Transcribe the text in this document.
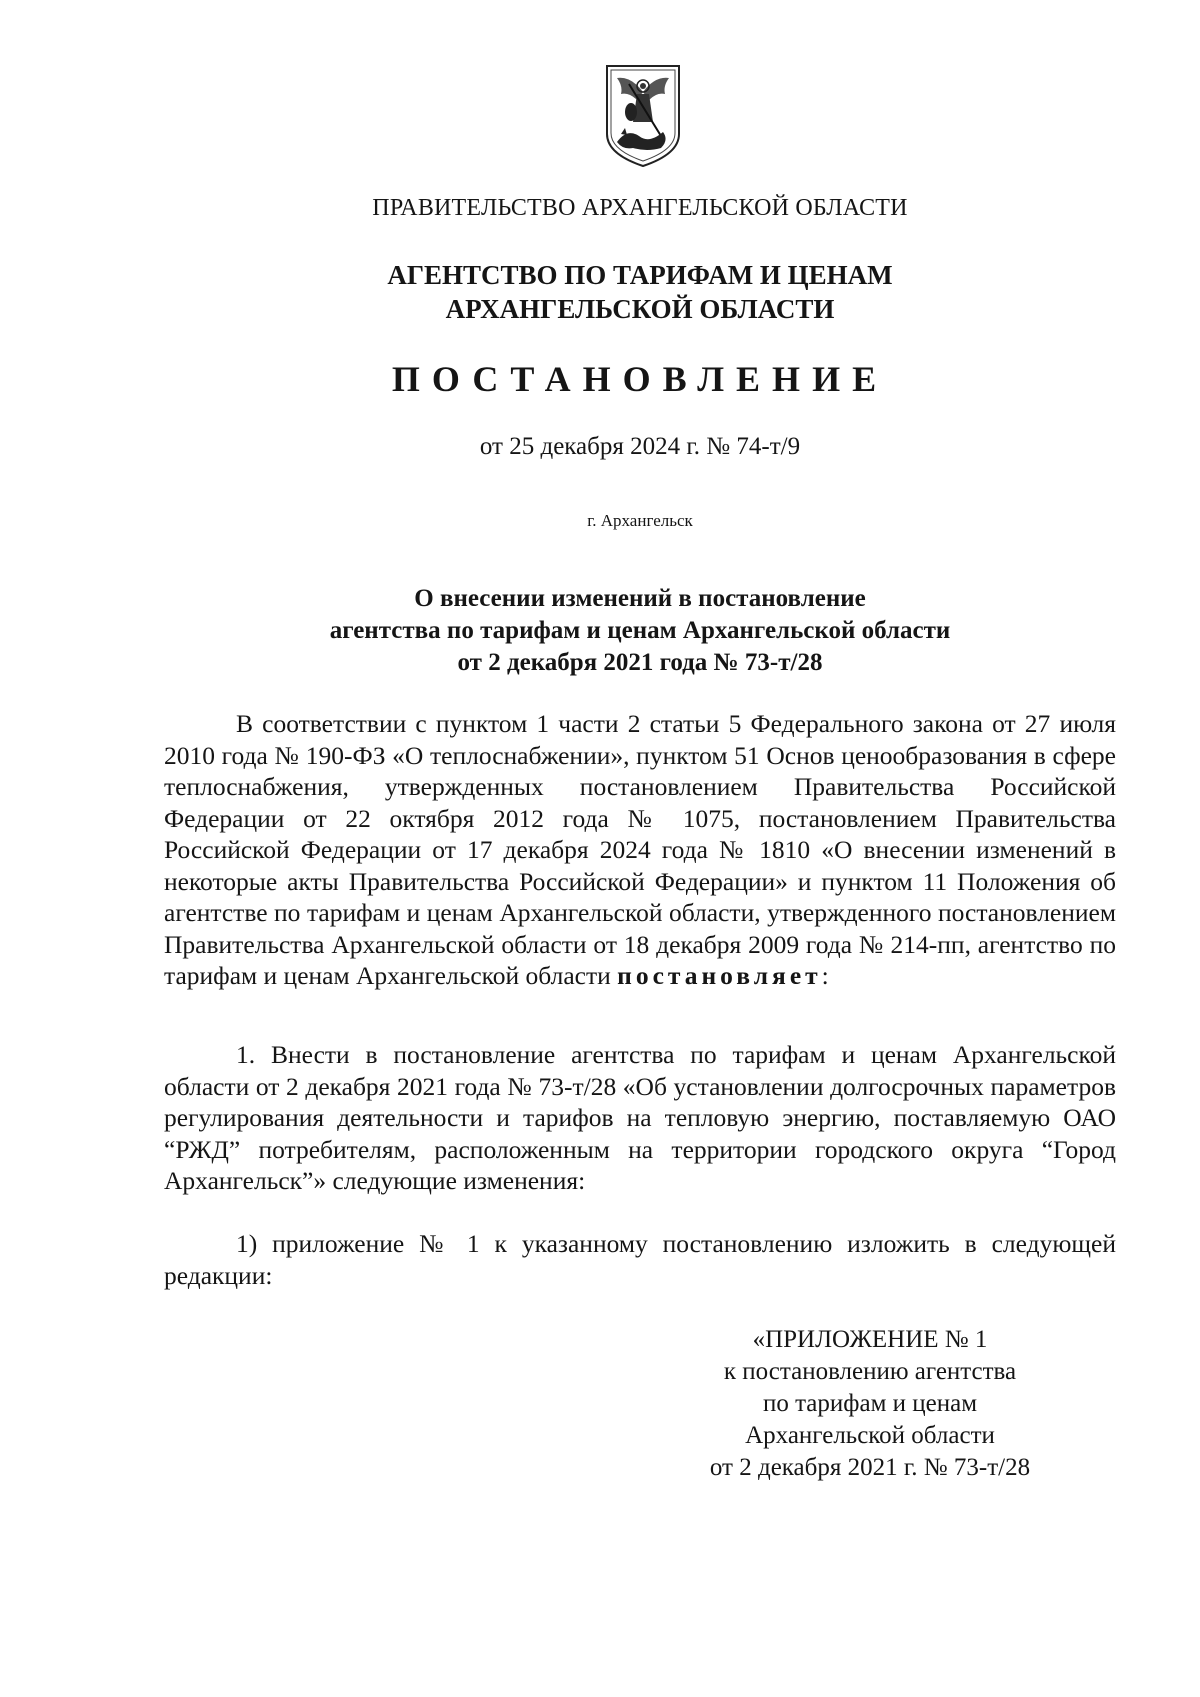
ПРАВИТЕЛЬСТВО АРХАНГЕЛЬСКОЙ ОБЛАСТИ
АГЕНТСТВО ПО ТАРИФАМ И ЦЕНАМ
АРХАНГЕЛЬСКОЙ ОБЛАСТИ
ПОСТАНОВЛЕНИЕ
от 25 декабря 2024 г. № 74-т/9
г. Архангельск
О внесении изменений в постановление
агентства по тарифам и ценам Архангельской области
от 2 декабря 2021 года № 73-т/28
В соответствии с пунктом 1 части 2 статьи 5 Федерального закона от 27 июля 2010 года № 190-ФЗ «О теплоснабжении», пунктом 51 Основ ценообразования в сфере теплоснабжения, утвержденных постановлением Правительства Российской Федерации от 22 октября 2012 года № 1075, постановлением Правительства Российской Федерации от 17 декабря 2024 года № 1810 «О внесении изменений в некоторые акты Правительства Российской Федерации» и пунктом 11 Положения об агентстве по тарифам и ценам Архангельской области, утвержденного постановлением Правительства Архангельской области от 18 декабря 2009 года № 214-пп, агентство по тарифам и ценам Архангельской области постановляет:
1. Внести в постановление агентства по тарифам и ценам Архангельской области от 2 декабря 2021 года № 73-т/28 «Об установлении долгосрочных параметров регулирования деятельности и тарифов на тепловую энергию, поставляемую ОАО “РЖД” потребителям, расположенным на территории городского округа “Город Архангельск”» следующие изменения:
1) приложение № 1 к указанному постановлению изложить в следующей редакции:
«ПРИЛОЖЕНИЕ № 1
к постановлению агентства
по тарифам и ценам
Архангельской области
от 2 декабря 2021 г. № 73-т/28
